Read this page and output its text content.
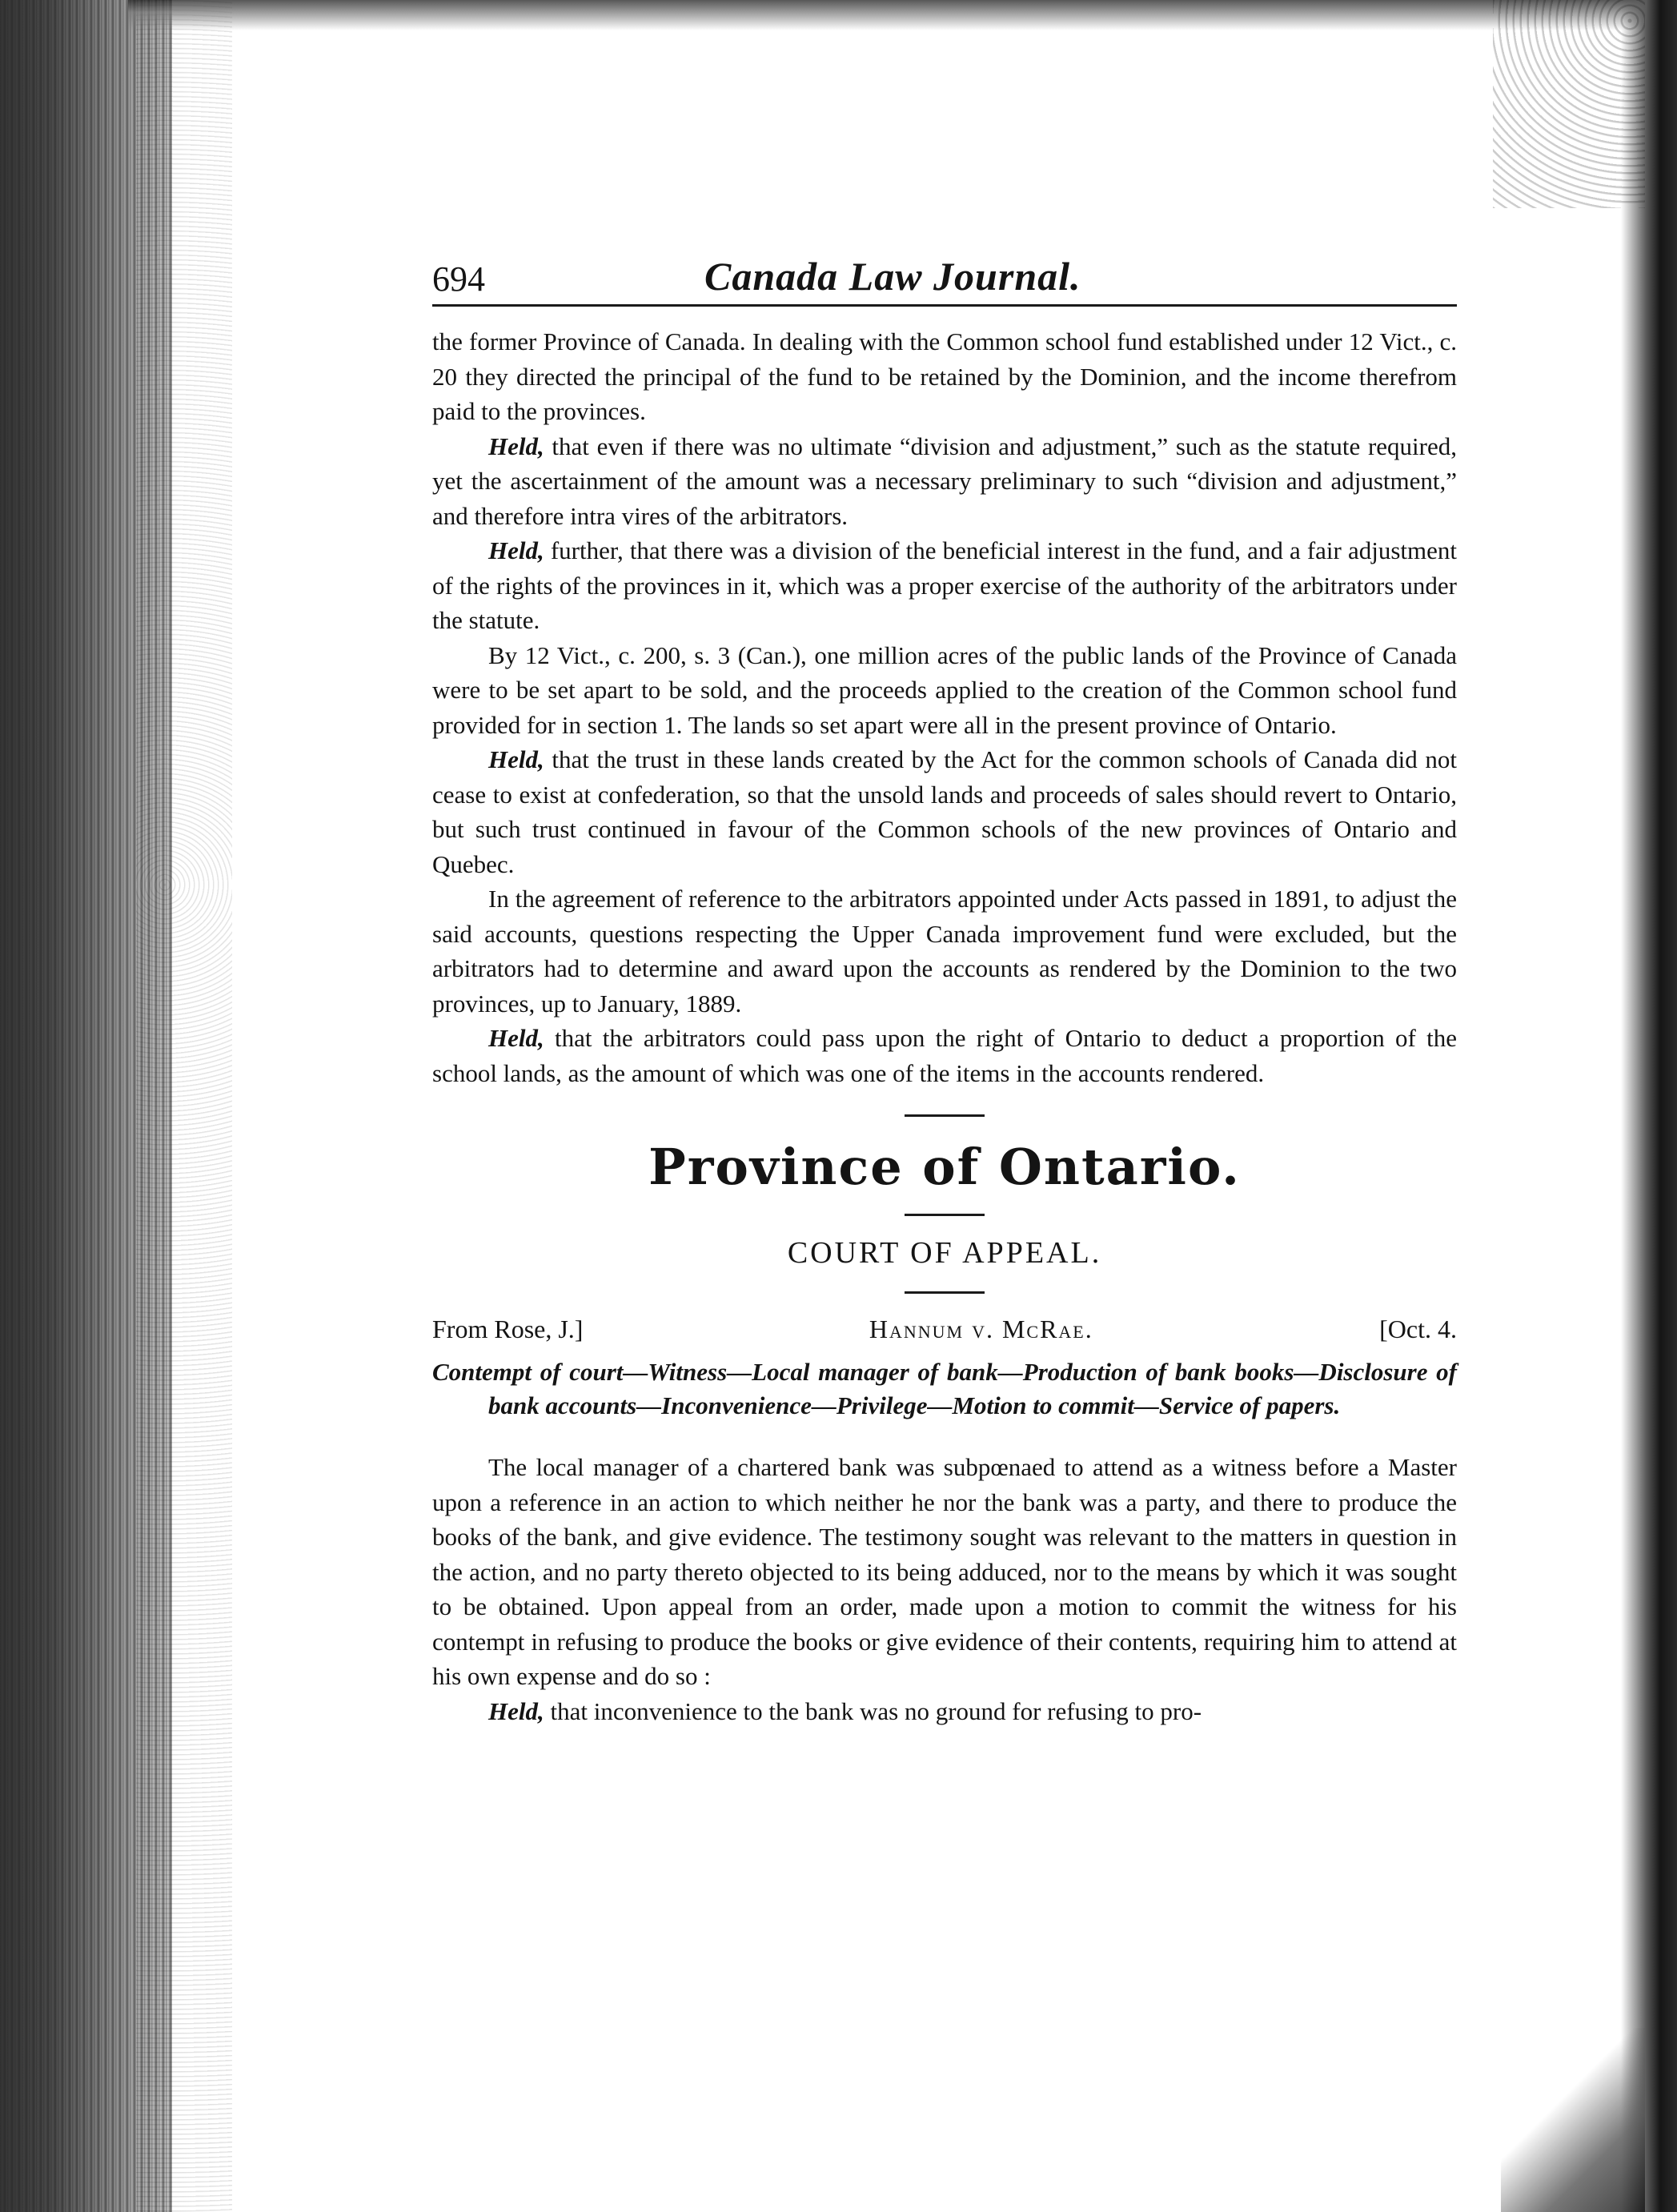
694	Canada Law Journal.

the former Province of Canada. In dealing with the Common school fund established under 12 Vict., c. 20 they directed the principal of the fund to be retained by the Dominion, and the income therefrom paid to the provinces.

Held, that even if there was no ultimate “division and adjustment,” such as the statute required, yet the ascertainment of the amount was a necessary preliminary to such “division and adjustment,” and therefore intra vires of the arbitrators.

Held, further, that there was a division of the beneficial interest in the fund, and a fair adjustment of the rights of the provinces in it, which was a proper exercise of the authority of the arbitrators under the statute.

By 12 Vict., c. 200, s. 3 (Can.), one million acres of the public lands of the Province of Canada were to be set apart to be sold, and the proceeds applied to the creation of the Common school fund provided for in section 1. The lands so set apart were all in the present province of Ontario.

Held, that the trust in these lands created by the Act for the common schools of Canada did not cease to exist at confederation, so that the unsold lands and proceeds of sales should revert to Ontario, but such trust continued in favour of the Common schools of the new provinces of Ontario and Quebec.

In the agreement of reference to the arbitrators appointed under Acts passed in 1891, to adjust the said accounts, questions respecting the Upper Canada improvement fund were excluded, but the arbitrators had to determine and award upon the accounts as rendered by the Dominion to the two provinces, up to January, 1889.

Held, that the arbitrators could pass upon the right of Ontario to deduct a proportion of the school lands, as the amount of which was one of the items in the accounts rendered.

Province of Ontario.
COURT OF APPEAL.
From Rose, J.]	Hannum v. McRae.	[Oct. 4.
Contempt of court—Witness—Local manager of bank—Production of bank books—Disclosure of bank accounts—Inconvenience—Privilege—Motion to commit—Service of papers.

The local manager of a chartered bank was subpœnaed to attend as a witness before a Master upon a reference in an action to which neither he nor the bank was a party, and there to produce the books of the bank, and give evidence. The testimony sought was relevant to the matters in question in the action, and no party thereto objected to its being adduced, nor to the means by which it was sought to be obtained. Upon appeal from an order, made upon a motion to commit the witness for his contempt in refusing to produce the books or give evidence of their contents, requiring him to attend at his own expense and do so :

Held, that inconvenience to the bank was no ground for refusing to pro-
